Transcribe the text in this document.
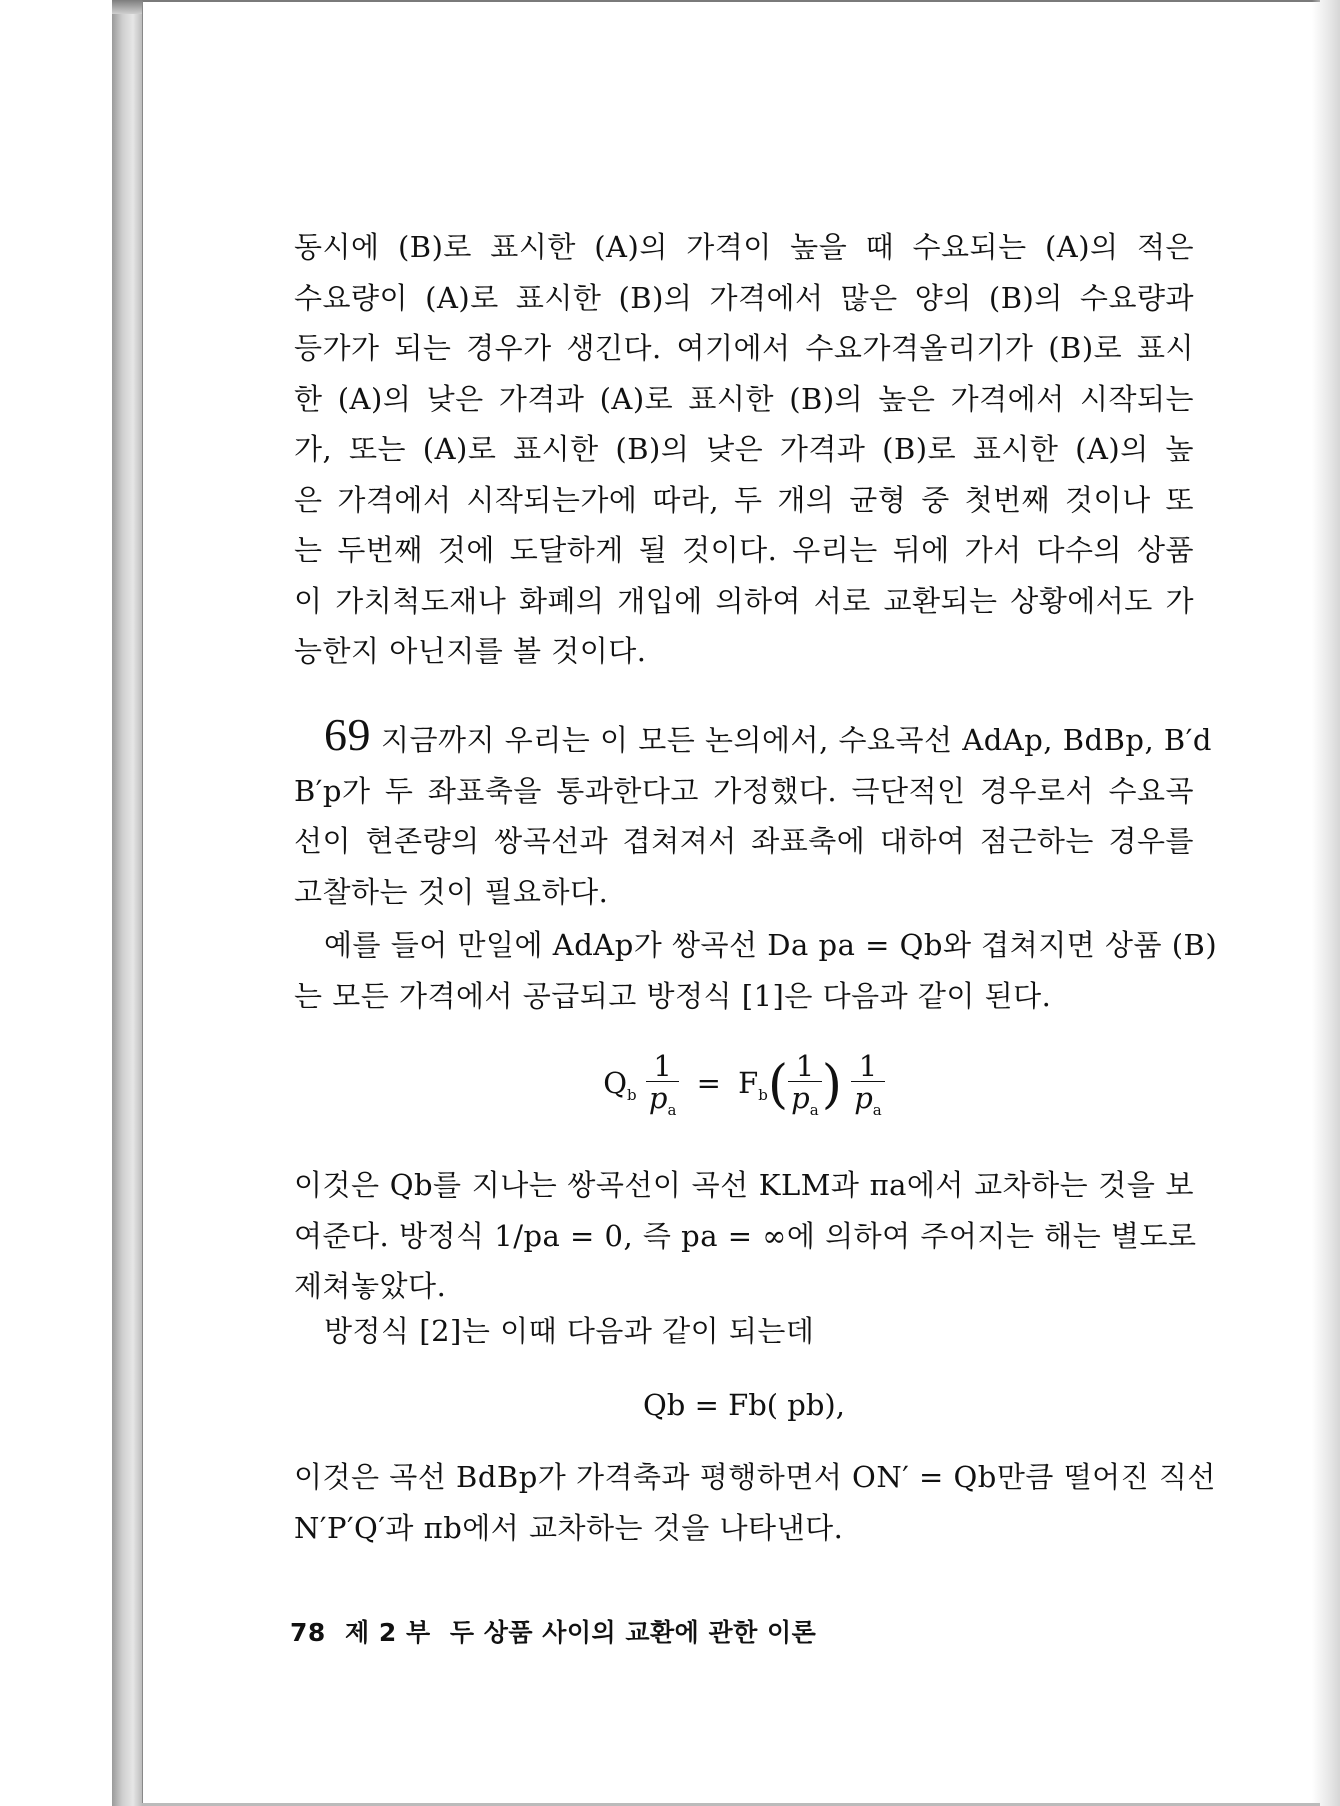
동시에 (B)로 표시한 (A)의 가격이 높을 때 수요되는 (A)의 적은
수요량이 (A)로 표시한 (B)의 가격에서 많은 양의 (B)의 수요량과
등가가 되는 경우가 생긴다. 여기에서 수요가격올리기가 (B)로 표시
한 (A)의 낮은 가격과 (A)로 표시한 (B)의 높은 가격에서 시작되는
가, 또는 (A)로 표시한 (B)의 낮은 가격과 (B)로 표시한 (A)의 높
은 가격에서 시작되는가에 따라, 두 개의 균형 중 첫번째 것이나 또
는 두번째 것에 도달하게 될 것이다. 우리는 뒤에 가서 다수의 상품
이 가치척도재나 화폐의 개입에 의하여 서로 교환되는 상황에서도 가
능한지 아닌지를 볼 것이다.
69 지금까지 우리는 이 모든 논의에서, 수요곡선 AdAp, BdBp, B′d
B′p가 두 좌표축을 통과한다고 가정했다. 극단적인 경우로서 수요곡
선이 현존량의 쌍곡선과 겹쳐져서 좌표축에 대하여 점근하는 경우를
고찰하는 것이 필요하다.
예를 들어 만일에 AdAp가 쌍곡선 Da pa = Qb와 겹쳐지면 상품 (B)
는 모든 가격에서 공급되고 방정식 [1]은 다음과 같이 된다.
$Q_b \frac{1}{p_a} = F_b( \frac{1}{p_a}$ ) $\frac{1}{p_a}$
이것은 Qb를 지나는 쌍곡선이 곡선 KLM과 πa에서 교차하는 것을 보
여준다. 방정식 1/pa = 0, 즉 pa = ∞에 의하여 주어지는 해는 별도로
제쳐놓았다.
방정식 [2]는 이때 다음과 같이 되는데
Qb = Fb( pb),
이것은 곡선 BdBp가 가격축과 평행하면서 ON′ = Qb만큼 떨어진 직선
N′P′Q′과 πb에서 교차하는 것을 나타낸다.
78 제 2 부 두 상품 사이의 교환에 관한 이론
